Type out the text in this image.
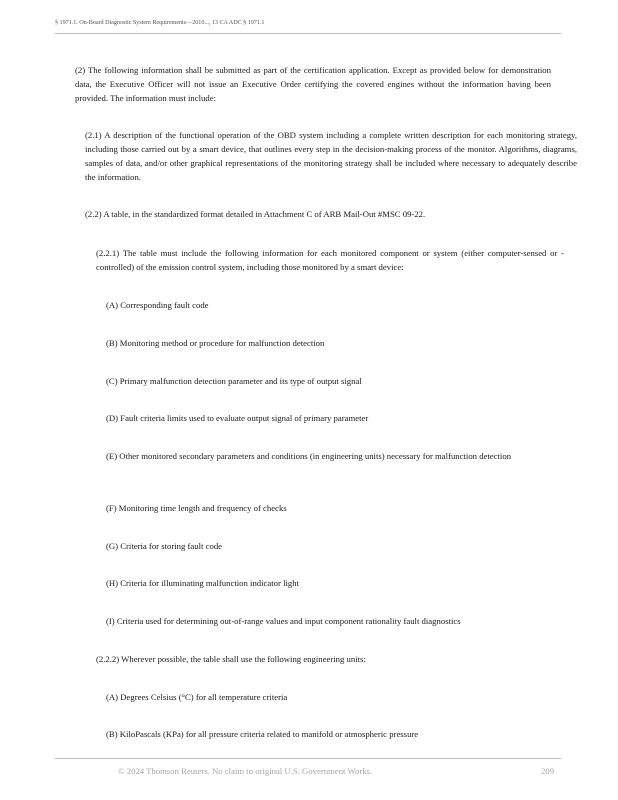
§ 1971.1. On-Board Diagnostic System Requirements—2010..., 13 CA ADC § 1971.1

(2) The following information shall be submitted as part of the certification application. Except as provided below for demonstration data, the Executive Officer will not issue an Executive Order certifying the covered engines without the information having been provided. The information must include:

(2.1) A description of the functional operation of the OBD system including a complete written description for each monitoring strategy, including those carried out by a smart device, that outlines every step in the decision-making process of the monitor. Algorithms, diagrams, samples of data, and/or other graphical representations of the monitoring strategy shall be included where necessary to adequately describe the information.

(2.2) A table, in the standardized format detailed in Attachment C of ARB Mail-Out #MSC 09-22.

(2.2.1) The table must include the following information for each monitored component or system (either computer-sensed or -controlled) of the emission control system, including those monitored by a smart device:

(A) Corresponding fault code

(B) Monitoring method or procedure for malfunction detection

(C) Primary malfunction detection parameter and its type of output signal

(D) Fault criteria limits used to evaluate output signal of primary parameter

(E) Other monitored secondary parameters and conditions (in engineering units) necessary for malfunction detection

(F) Monitoring time length and frequency of checks

(G) Criteria for storing fault code

(H) Criteria for illuminating malfunction indicator light

(I) Criteria used for determining out-of-range values and input component rationality fault diagnostics

(2.2.2) Wherever possible, the table shall use the following engineering units:

(A) Degrees Celsius (°C) for all temperature criteria

(B) KiloPascals (KPa) for all pressure criteria related to manifold or atmospheric pressure

© 2024 Thomson Reuters. No claim to original U.S. Government Works.	209
